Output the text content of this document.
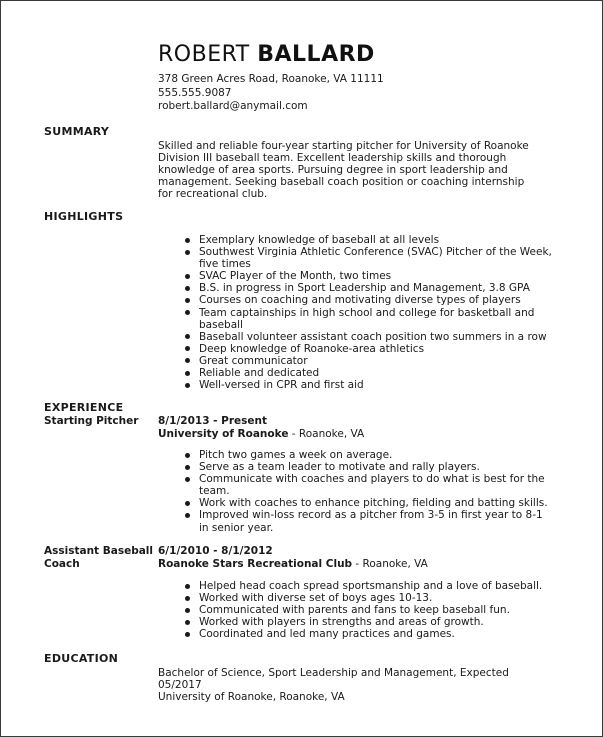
ROBERT BALLARD
378 Green Acres Road, Roanoke, VA 11111
555.555.9087
robert.ballard@anymail.com
SUMMARY
Skilled and reliable four-year starting pitcher for University of Roanoke Division III baseball team. Excellent leadership skills and thorough knowledge of area sports. Pursuing degree in sport leadership and management. Seeking baseball coach position or coaching internship for recreational club.
HIGHLIGHTS
Exemplary knowledge of baseball at all levels
Southwest Virginia Athletic Conference (SVAC) Pitcher of the Week, five times
SVAC Player of the Month, two times
B.S. in progress in Sport Leadership and Management, 3.8 GPA
Courses on coaching and motivating diverse types of players
Team captainships in high school and college for basketball and baseball
Baseball volunteer assistant coach position two summers in a row
Deep knowledge of Roanoke-area athletics
Great communicator
Reliable and dedicated
Well-versed in CPR and first aid
EXPERIENCE
Starting Pitcher	8/1/2013 - Present
University of Roanoke - Roanoke, VA
Pitch two games a week on average.
Serve as a team leader to motivate and rally players.
Communicate with coaches and players to do what is best for the team.
Work with coaches to enhance pitching, fielding and batting skills.
Improved win-loss record as a pitcher from 3-5 in first year to 8-1 in senior year.
Assistant Baseball Coach
6/1/2010 - 8/1/2012
Roanoke Stars Recreational Club - Roanoke, VA
Helped head coach spread sportsmanship and a love of baseball.
Worked with diverse set of boys ages 10-13.
Communicated with parents and fans to keep baseball fun.
Worked with players in strengths and areas of growth.
Coordinated and led many practices and games.
EDUCATION
Bachelor of Science, Sport Leadership and Management, Expected 05/2017
University of Roanoke, Roanoke, VA
